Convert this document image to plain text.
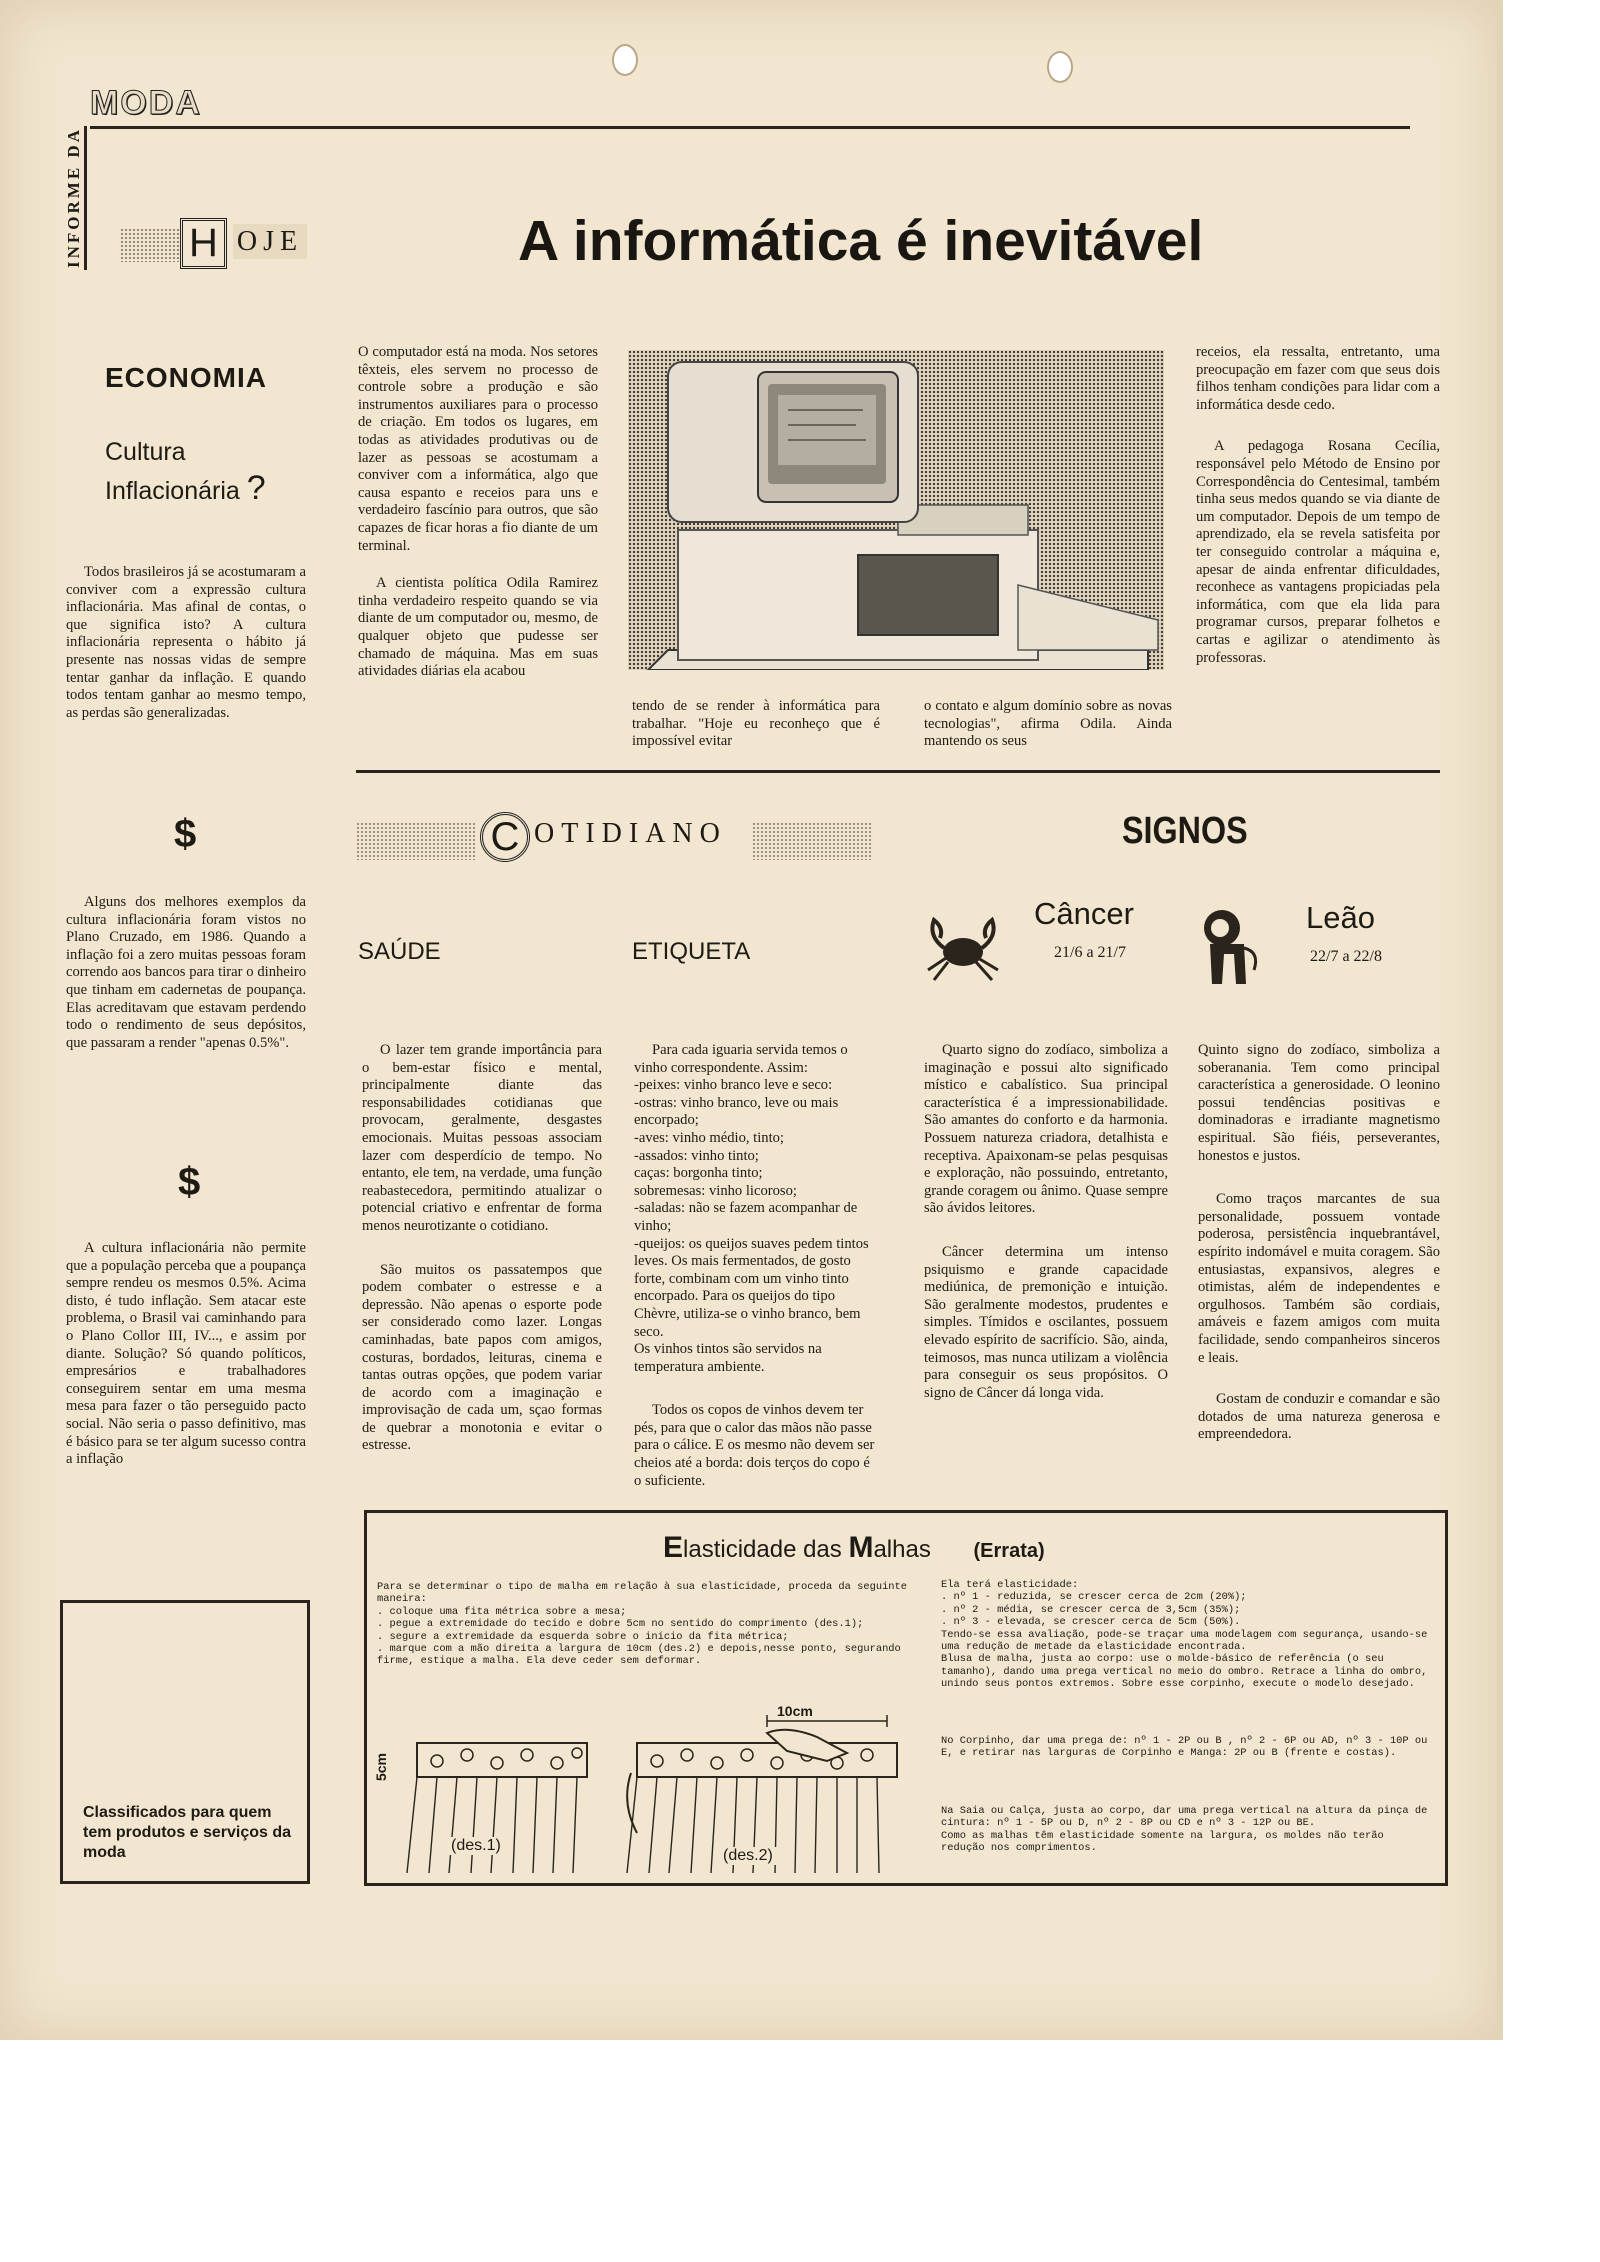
INFORME DA
MODA
H OJE	A informática é inevitável
ECONOMIA
Cultura
Inflacionária ?

Todos brasileiros já se acostumaram a conviver com a expressão cultura inflacionária. Mas afinal de contas, o que significa isto? A cultura inflacionária representa o hábito já presente nas nossas vidas de sempre tentar ganhar da inflação. E quando todos tentam ganhar ao mesmo tempo, as perdas são generalizadas.

$

Alguns dos melhores exemplos da cultura inflacionária foram vistos no Plano Cruzado, em 1986. Quando a inflação foi a zero muitas pessoas foram correndo aos bancos para tirar o dinheiro que tinham em cadernetas de poupança. Elas acreditavam que estavam perdendo todo o rendimento de seus depósitos, que passaram a render "apenas 0.5%".

$

A cultura inflacionária não permite que a população perceba que a poupança sempre rendeu os mesmos 0.5%. Acima disto, é tudo inflação. Sem atacar este problema, o Brasil vai caminhando para o Plano Collor III, IV..., e assim por diante. Solução? Só quando políticos, empresários e trabalhadores conseguirem sentar em uma mesma mesa para fazer o tão perseguido pacto social. Não seria o passo definitivo, mas é básico para se ter algum sucesso contra a inflação

Classificados para quem tem produtos e serviços da moda

O computador está na moda. Nos setores têxteis, eles servem no processo de controle sobre a produção e são instrumentos auxiliares para o processo de criação. Em todos os lugares, em todas as atividades produtivas ou de lazer as pessoas se acostumam a conviver com a informática, algo que causa espanto e receios para uns e verdadeiro fascínio para outros, que são capazes de ficar horas a fio diante de um terminal.

A cientista política Odila Ramirez tinha verdadeiro respeito quando se via diante de um computador ou, mesmo, de qualquer objeto que pudesse ser chamado de máquina. Mas em suas atividades diárias ela acabou

tendo de se render à informática para trabalhar. "Hoje eu reconheço que é impossível evitar

o contato e algum domínio sobre as novas tecnologias", afirma Odila. Ainda mantendo os seus

receios, ela ressalta, entretanto, uma preocupação em fazer com que seus dois filhos tenham condições para lidar com a informática desde cedo.

A pedagoga Rosana Cecília, responsável pelo Método de Ensino por Correspondência do Centesimal, também tinha seus medos quando se via diante de um computador. Depois de um tempo de aprendizado, ela se revela satisfeita por ter conseguido controlar a máquina e, apesar de ainda enfrentar dificuldades, reconhece as vantagens propiciadas pela informática, com que ela lida para programar cursos, preparar folhetos e cartas e agilizar o atendimento às professoras.

C $^{OTIDIANO}$
SAÚDE	ETIQUETA

O lazer tem grande importância para o bem-estar físico e mental, principalmente diante das responsabilidades cotidianas que provocam, geralmente, desgastes emocionais. Muitas pessoas associam lazer com desperdício de tempo. No entanto, ele tem, na verdade, uma função reabastecedora, permitindo atualizar o potencial criativo e enfrentar de forma menos neurotizante o cotidiano.

São muitos os passatempos que podem combater o estresse e a depressão. Não apenas o esporte pode ser considerado como lazer. Longas caminhadas, bate papos com amigos, costuras, bordados, leituras, cinema e tantas outras opções, que podem variar de acordo com a imaginação e improvisação de cada um, sçao formas de quebrar a monotonia e evitar o estresse.

Para cada iguaria servida temos o vinho correspondente. Assim:
-peixes: vinho branco leve e seco:
-ostras: vinho branco, leve ou mais encorpado;
-aves: vinho médio, tinto;
-assados: vinho tinto;
caças: borgonha tinto;
sobremesas: vinho licoroso;
-saladas: não se fazem acompanhar de vinho;
-queijos: os queijos suaves pedem tintos leves. Os mais fermentados, de gosto forte, combinam com um vinho tinto encorpado. Para os queijos do tipo Chèvre, utiliza-se o vinho branco, bem seco.
Os vinhos tintos são servidos na temperatura ambiente.

Todos os copos de vinhos devem ter pés, para que o calor das mãos não passe para o cálice. E os mesmo não devem ser cheios até a borda: dois terços do copo é o suficiente.

SIGNOS
Câncer
21/6 a 21/7
Leão
22/7 a 22/8

Quarto signo do zodíaco, simboliza a imaginação e possui alto significado místico e cabalístico. Sua principal característica é a impressionabilidade. São amantes do conforto e da harmonia. Possuem natureza criadora, detalhista e receptiva. Apaixonam-se pelas pesquisas e exploração, não possuindo, entretanto, grande coragem ou ânimo. Quase sempre são ávidos leitores.

Câncer determina um intenso psiquismo e grande capacidade mediúnica, de premonição e intuição. São geralmente modestos, prudentes e simples. Tímidos e oscilantes, possuem elevado espírito de sacrifício. São, ainda, teimosos, mas nunca utilizam a violência para conseguir os seus propósitos. O signo de Câncer dá longa vida.

Quinto signo do zodíaco, simboliza a soberanania. Tem como principal característica a generosidade. O leonino possui tendências positivas e dominadoras e irradiante magnetismo espiritual. São fiéis, perseverantes, honestos e justos.

Como traços marcantes de sua personalidade, possuem vontade poderosa, persistência inquebrantável, espírito indomável e muita coragem. São entusiastas, expansivos, alegres e otimistas, além de independentes e orgulhosos. Também são cordiais, amáveis e fazem amigos com muita facilidade, sendo companheiros sinceros e leais.

Gostam de conduzir e comandar e são dotados de uma natureza generosa e empreendedora.

Elasticidade das Malhas (Errata)
Para se determinar o tipo de malha em relação à sua elasticidade, proceda da seguinte maneira:
. coloque uma fita métrica sobre a mesa;
. pegue a extremidade do tecido e dobre 5cm no sentido do comprimento (des.1);
. segure a extremidade da esquerda sobre o início da fita métrica;
. marque com a mão direita a largura de 10cm (des.2) e depois,nesse ponto, segurando firme, estique a malha. Ela deve ceder sem deformar.
Ela terá elasticidade:
. nº 1 - reduzida, se crescer cerca de 2cm (20%);
. nº 2 - média, se crescer cerca de 3,5cm (35%);
. nº 3 - elevada, se crescer cerca de 5cm (50%).
Tendo-se essa avaliação, pode-se traçar uma modelagem com segurança, usando-se uma redução de metade da elasticidade encontrada.
Blusa de malha, justa ao corpo: use o molde-básico de referência (o seu tamanho), dando uma prega vertical no meio do ombro. Retrace a linha do ombro, unindo seus pontos extremos. Sobre esse corpinho, execute o modelo desejado.
No Corpinho, dar uma prega de: nº 1 - 2P ou B , nº 2 - 6P ou AD, nº 3 - 10P ou E, e retirar nas larguras de Corpinho e Manga: 2P ou B (frente e costas).
Na Saia ou Calça, justa ao corpo, dar uma prega vertical na altura da pinça de cintura: nº 1 - 5P ou D, nº 2 - 8P ou CD e nº 3 - 12P ou BE.
Como as malhas têm elasticidade somente na largura, os moldes não terão redução nos comprimentos.
5cm
(des.1)
10cm
(des.2)
